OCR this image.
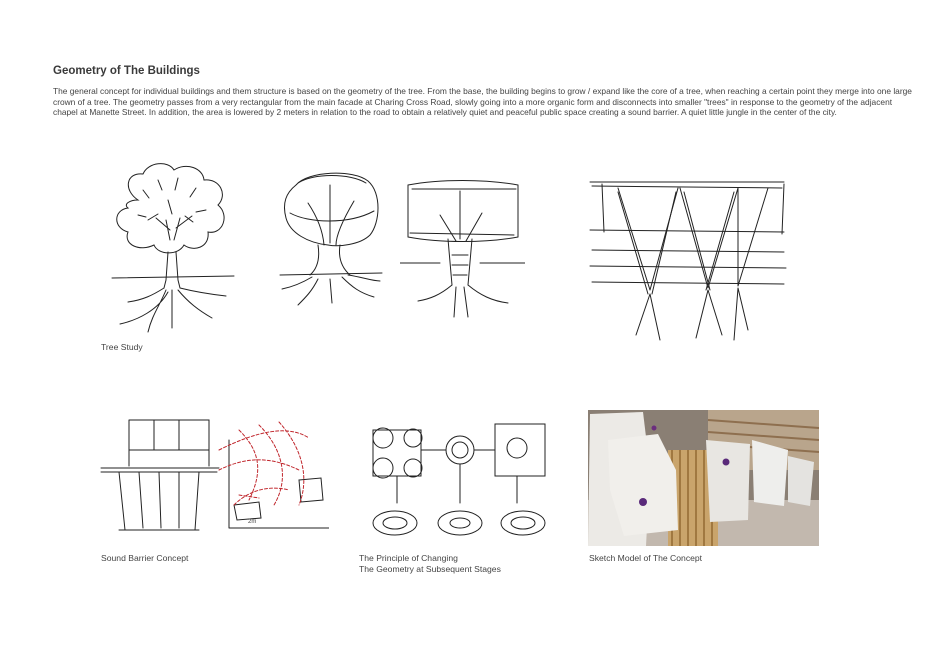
Geometry of The Buildings
The general concept for individual buildings and them structure is based on the geometry of the tree. From the base, the building begins to grow / expand like the core of a tree, when reaching a certain point they merge into one large crown of a tree. The geometry passes from a very rectangular from the main facade at Charing Cross Road, slowly going into a more organic form and disconnects into smaller "trees" in response to the geometry of the adjacent chapel at Manette Street. In addition, the area is lowered by 2 meters in relation to the road to obtain a relatively quiet and peaceful public space creating a sound barrier. A quiet little jungle in the center of the city.
Tree Study
2m
Sound Barrier Concept	The Principle of Changing
The Geometry at Subsequent Stages
Sketch Model of The Concept
